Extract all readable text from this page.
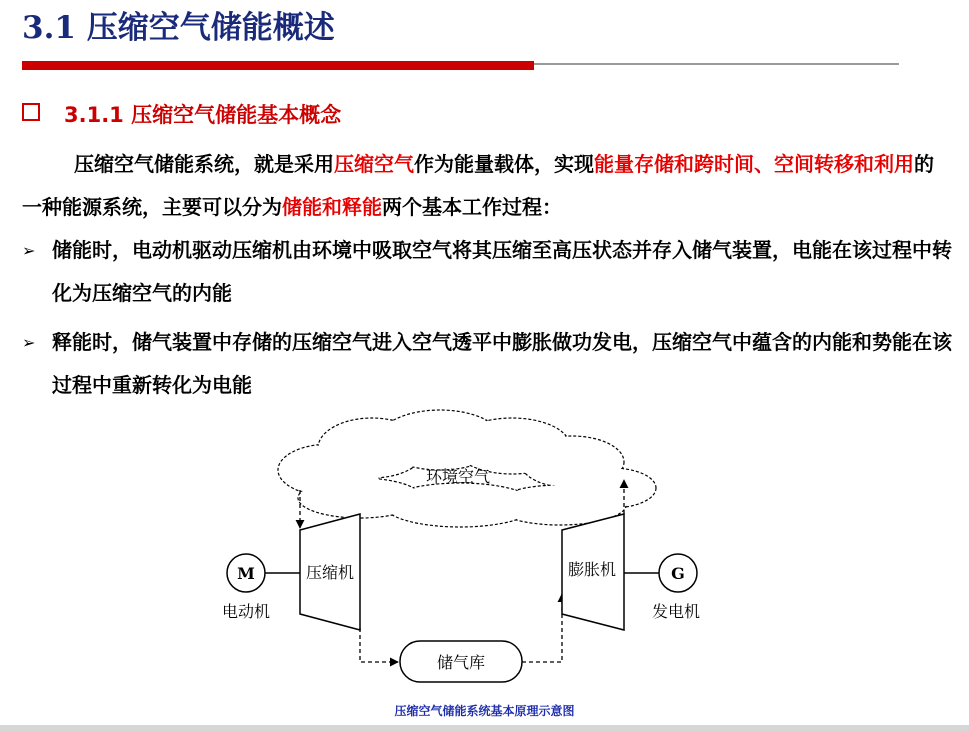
3.1 压缩空气储能概述
3.1.1 压缩空气储能基本概念
压缩空气储能系统，就是采用压缩空气作为能量载体，实现能量存储和跨时间、空间转移和利用的一种能源系统，主要可以分为储能和释能两个基本工作过程：
➢ 储能时，电动机驱动压缩机由环境中吸取空气将其压缩至高压状态并存入储气装置，电能在该过程中转化为压缩空气的内能
➢ 释能时，储气装置中存储的压缩空气进入空气透平中膨胀做功发电，压缩空气中蕴含的内能和势能在该过程中重新转化为电能
环境空气
M
电动机
压缩机
储气库
膨胀机	G
发电机
压缩空气储能系统基本原理示意图
